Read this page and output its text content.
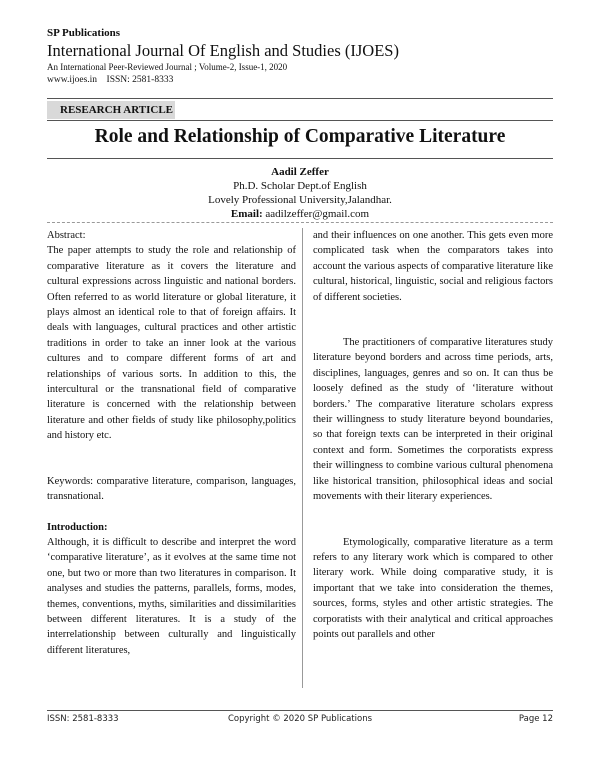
SP Publications
International Journal Of English and Studies (IJOES)
An International Peer-Reviewed Journal ; Volume-2, Issue-1, 2020
www.ijoes.in ISSN: 2581-8333
RESEARCH ARTICLE
Role and Relationship of Comparative Literature
Aadil Zeffer
Ph.D. Scholar Dept.of English
Lovely Professional University,Jalandhar.
Email: aadilzeffer@gmail.com

Abstract:

The paper attempts to study the role and relationship of comparative literature as it covers the literature and cultural expressions across linguistic and national borders. Often referred to as world literature or global literature, it plays almost an identical role to that of foreign affairs. It deals with languages, cultural practices and other artistic traditions in order to take an inner look at the various cultures and to compare different forms of art and relationships of various sorts. In addition to this, the intercultural or the transnational field of comparative literature is concerned with the relationship between literature and other fields of study like philosophy,politics and history etc.

Keywords: comparative literature, comparison, languages, transnational.

Introduction:

Although, it is difficult to describe and interpret the word ‘comparative literature’, as it evolves at the same time not one, but two or more than two literatures in comparison. It analyses and studies the patterns, parallels, forms, modes, themes, conventions, myths, similarities and dissimilarities between different literatures. It is a study of the interrelationship between culturally and linguistically different literatures,

and their influences on one another. This gets even more complicated task when the comparators takes into account the various aspects of comparative literature like cultural, historical, linguistic, social and religious factors of different societies.

The practitioners of comparative literatures study literature beyond borders and across time periods, arts, disciplines, languages, genres and so on. It can thus be loosely defined as the study of ‘literature without borders.’ The comparative literature scholars express their willingness to study literature beyond boundaries, so that foreign texts can be interpreted in their original context and form. Sometimes the corporatists express their willingness to combine various cultural phenomena like historical transition, philosophical ideas and social movements with their literary experiences.

Etymologically, comparative literature as a term refers to any literary work which is compared to other literary work. While doing comparative study, it is important that we take into consideration the themes, sources, forms, styles and other artistic strategies. The corporatists with their analytical and critical approaches points out parallels and other

ISSN: 2581-8333	Copyright © 2020 SP Publications	Page 12
